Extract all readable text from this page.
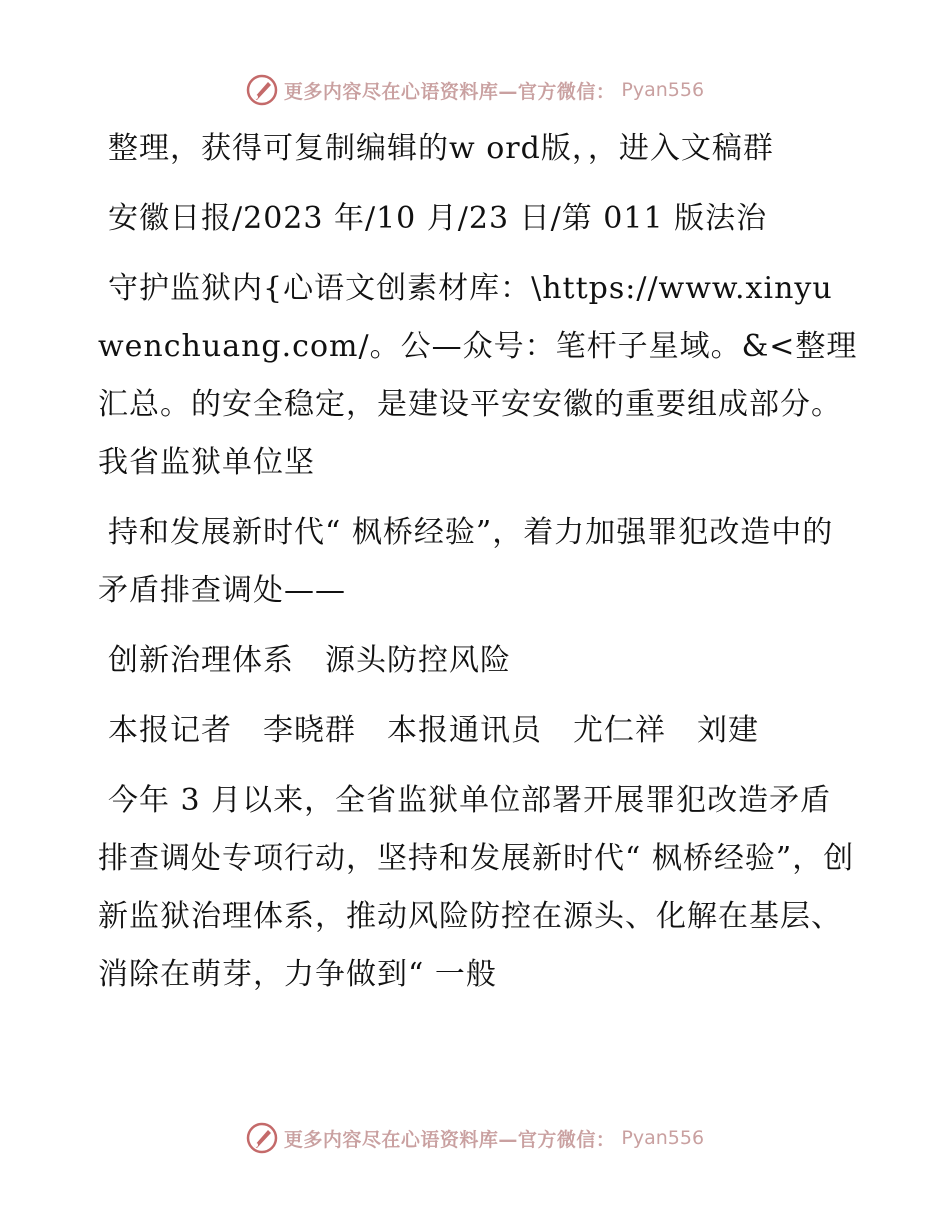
更多内容尽在心语资料库—官方微信： Pyan556

整理，获得可复制编辑的w ord版，，进入文稿群

安徽日报/2023 年/10 月/23 日/第 011 版法治

守护监狱内{心语文创素材库：\https://www.xinyuwenchuang.com/。公—众号：笔杆子星域。&<整理汇总。的安全稳定，是建设平安安徽的重要组成部分。我省监狱单位坚

持和发展新时代“ 枫桥经验”，着力加强罪犯改造中的矛盾排查调处——

创新治理体系　源头防控风险

本报记者　李晓群　本报通讯员　尤仁祥　刘建

今年 3 月以来，全省监狱单位部署开展罪犯改造矛盾排查调处专项行动，坚持和发展新时代“ 枫桥经验”，创新监狱治理体系，推动风险防控在源头、化解在基层、消除在萌芽，力争做到“ 一般

更多内容尽在心语资料库—官方微信： Pyan556
